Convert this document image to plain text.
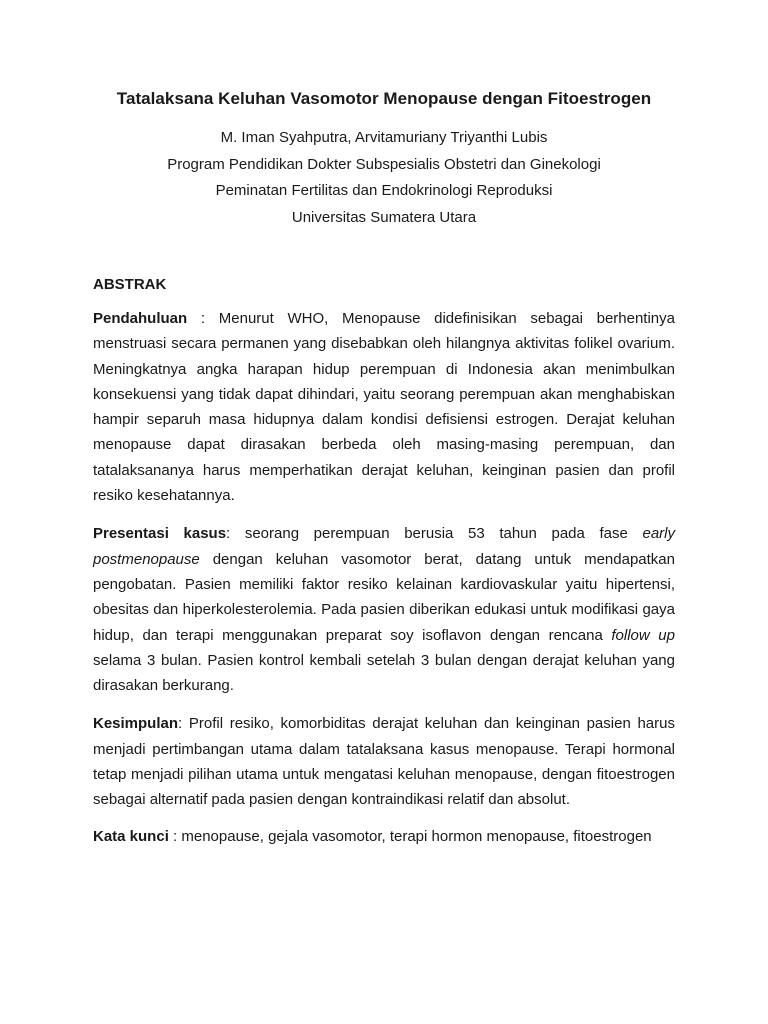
Tatalaksana Keluhan Vasomotor Menopause dengan Fitoestrogen
M. Iman Syahputra, Arvitamuriany Triyanthi Lubis
Program Pendidikan Dokter Subspesialis Obstetri dan Ginekologi
Peminatan Fertilitas dan Endokrinologi Reproduksi
Universitas Sumatera Utara
ABSTRAK

Pendahuluan : Menurut WHO, Menopause didefinisikan sebagai berhentinya menstruasi secara permanen yang disebabkan oleh hilangnya aktivitas folikel ovarium. Meningkatnya angka harapan hidup perempuan di Indonesia akan menimbulkan konsekuensi yang tidak dapat dihindari, yaitu seorang perempuan akan menghabiskan hampir separuh masa hidupnya dalam kondisi defisiensi estrogen. Derajat keluhan menopause dapat dirasakan berbeda oleh masing-masing perempuan, dan tatalaksananya harus memperhatikan derajat keluhan, keinginan pasien dan profil resiko kesehatannya.

Presentasi kasus: seorang perempuan berusia 53 tahun pada fase early postmenopause dengan keluhan vasomotor berat, datang untuk mendapatkan pengobatan. Pasien memiliki faktor resiko kelainan kardiovaskular yaitu hipertensi, obesitas dan hiperkolesterolemia. Pada pasien diberikan edukasi untuk modifikasi gaya hidup, dan terapi menggunakan preparat soy isoflavon dengan rencana follow up selama 3 bulan. Pasien kontrol kembali setelah 3 bulan dengan derajat keluhan yang dirasakan berkurang.

Kesimpulan: Profil resiko, komorbiditas derajat keluhan dan keinginan pasien harus menjadi pertimbangan utama dalam tatalaksana kasus menopause. Terapi hormonal tetap menjadi pilihan utama untuk mengatasi keluhan menopause, dengan fitoestrogen sebagai alternatif pada pasien dengan kontraindikasi relatif dan absolut.

Kata kunci : menopause, gejala vasomotor, terapi hormon menopause, fitoestrogen
